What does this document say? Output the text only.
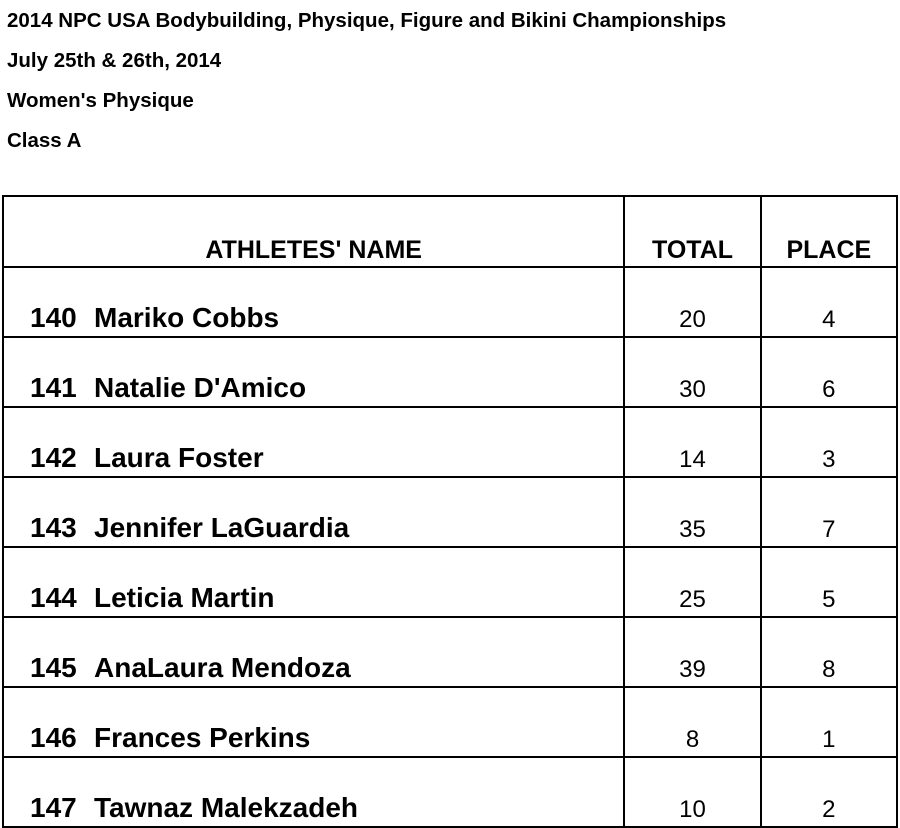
2014 NPC USA Bodybuilding, Physique, Figure and Bikini Championships
July 25th & 26th, 2014
Women's Physique
Class A
ATHLETES' NAME	TOTAL	PLACE
140 Mariko Cobbs	20	4
141 Natalie D'Amico	30	6
142 Laura Foster	14	3
143 Jennifer LaGuardia	35	7
144 Leticia Martin	25	5
145 AnaLaura Mendoza	39	8
146 Frances Perkins	8	1
147 Tawnaz Malekzadeh	10	2
